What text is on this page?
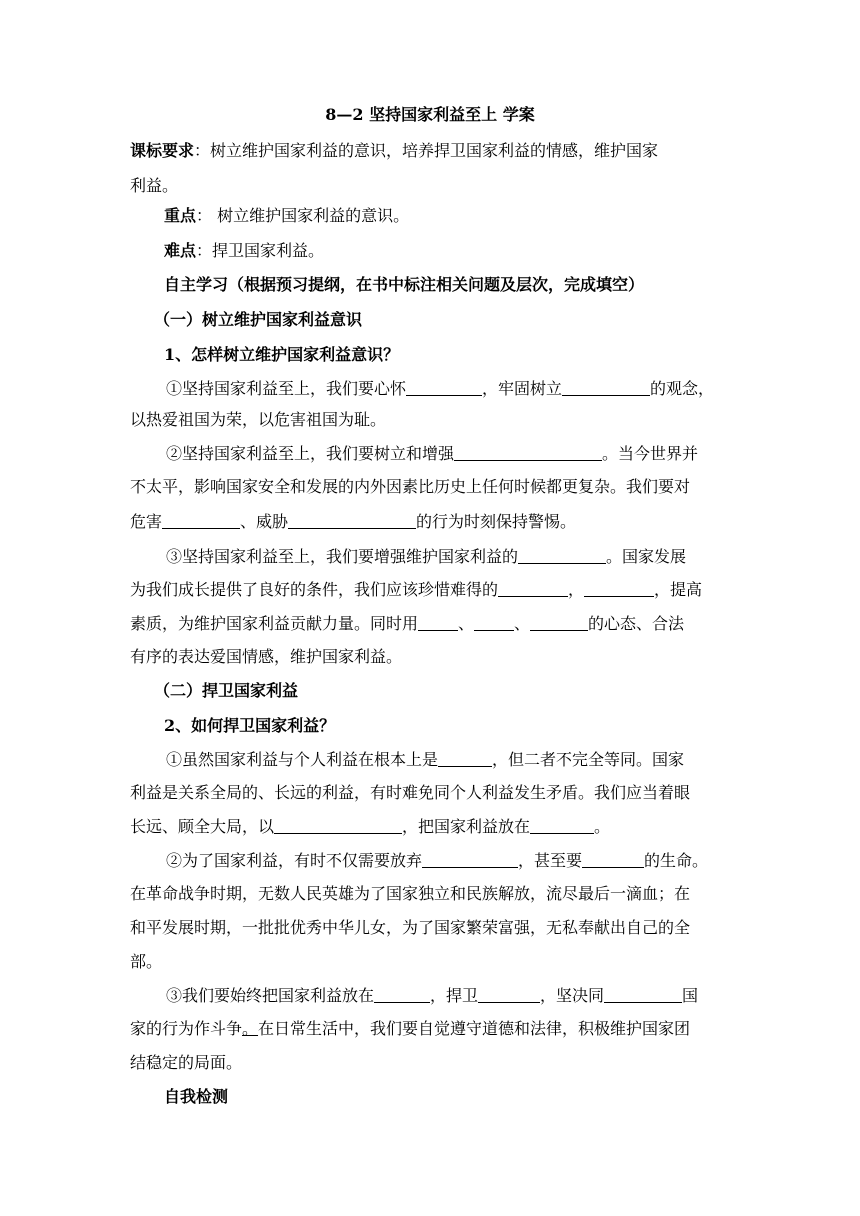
8—2 坚持国家利益至上 学案
课标要求：树立维护国家利益的意识，培养捍卫国家利益的情感，维护国家
利益。
重点： 树立维护国家利益的意识。
难点：捍卫国家利益。
自主学习（根据预习提纲，在书中标注相关问题及层次，完成填空）
（一）树立维护国家利益意识
1、怎样树立维护国家利益意识？
①坚持国家利益至上，我们要心怀	，牢固树立	的观念，
以热爱祖国为荣，以危害祖国为耻。
②坚持国家利益至上，我们要树立和增强	。当今世界并
不太平，影响国家安全和发展的内外因素比历史上任何时候都更复杂。我们要对
危害	、威胁	的行为时刻保持警惕。
③坚持国家利益至上，我们要增强维护国家利益的	。国家发展
为我们成长提供了良好的条件，我们应该珍惜难得的	，	，提高
素质，为维护国家利益贡献力量。同时用	、	、	的心态、合法
有序的表达爱国情感，维护国家利益。
（二）捍卫国家利益
2、如何捍卫国家利益？
①虽然国家利益与个人利益在根本上是	，但二者不完全等同。国家
利益是关系全局的、长远的利益，有时难免同个人利益发生矛盾。我们应当着眼
长远、顾全大局，以	，把国家利益放在	。
②为了国家利益，有时不仅需要放弃	，甚至要	的生命。
在革命战争时期，无数人民英雄为了国家独立和民族解放，流尽最后一滴血；在
和平发展时期，一批批优秀中华儿女，为了国家繁荣富强，无私奉献出自己的全
部。
③我们要始终把国家利益放在	，捍卫	，坚决同	国
家的行为作斗争。在日常生活中，我们要自觉遵守道德和法律，积极维护国家团
结稳定的局面。
自我检测
